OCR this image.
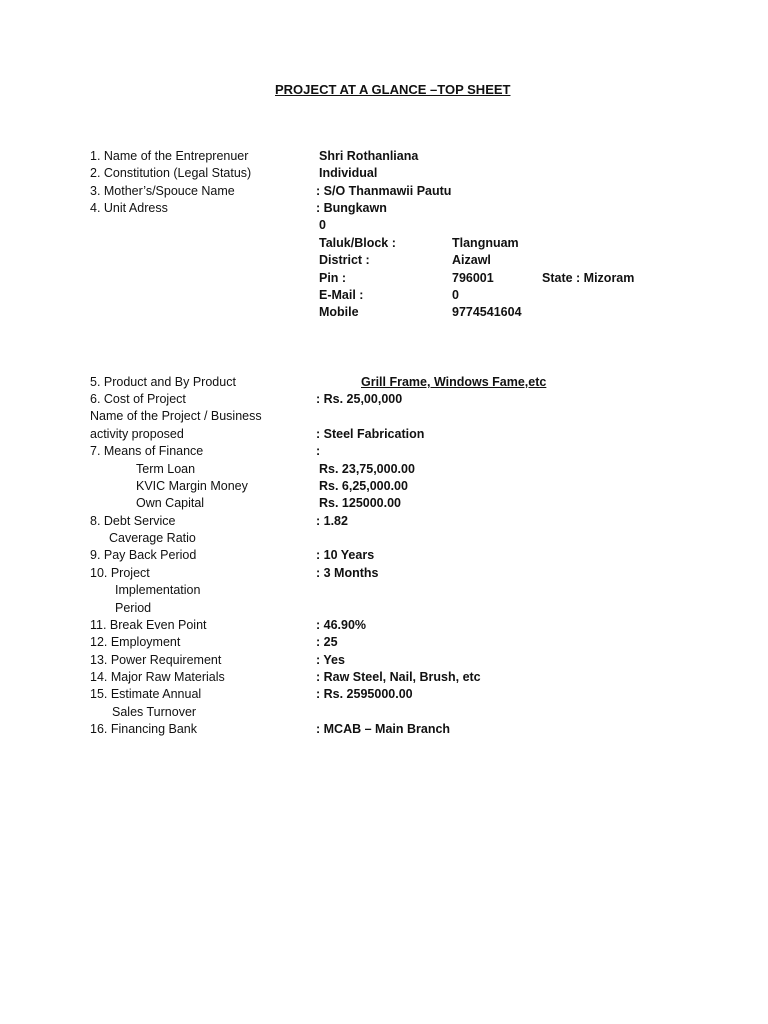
PROJECT AT A GLANCE –TOP SHEET
1. Name of the Entreprenuer	Shri Rothanliana
2. Constitution (Legal Status)	Individual
3. Mother’s/Spouce Name	: S/O Thanmawii Pautu
4. Unit Adress	: Bungkawn
0
Taluk/Block :	Tlangnuam
District :	Aizawl
Pin :	796001	State : Mizoram
E-Mail :	0
Mobile	9774541604
5. Product and By Product	Grill Frame, Windows Fame,etc
6. Cost of Project	: Rs. 25,00,000
Name of the Project / Business
activity proposed	: Steel Fabrication
7. Means of Finance	:
Term Loan	Rs. 23,75,000.00
KVIC Margin Money	Rs. 6,25,000.00
Own Capital	Rs. 125000.00
8. Debt Service	: 1.82
Caverage Ratio
9. Pay Back Period	: 10 Years
10. Project	: 3 Months
Implementation
Period
11. Break Even Point	: 46.90%
12. Employment	: 25
13. Power Requirement	: Yes
14. Major Raw Materials	: Raw Steel, Nail, Brush, etc
15. Estimate Annual	: Rs. 2595000.00
Sales Turnover
16. Financing Bank	: MCAB – Main Branch
